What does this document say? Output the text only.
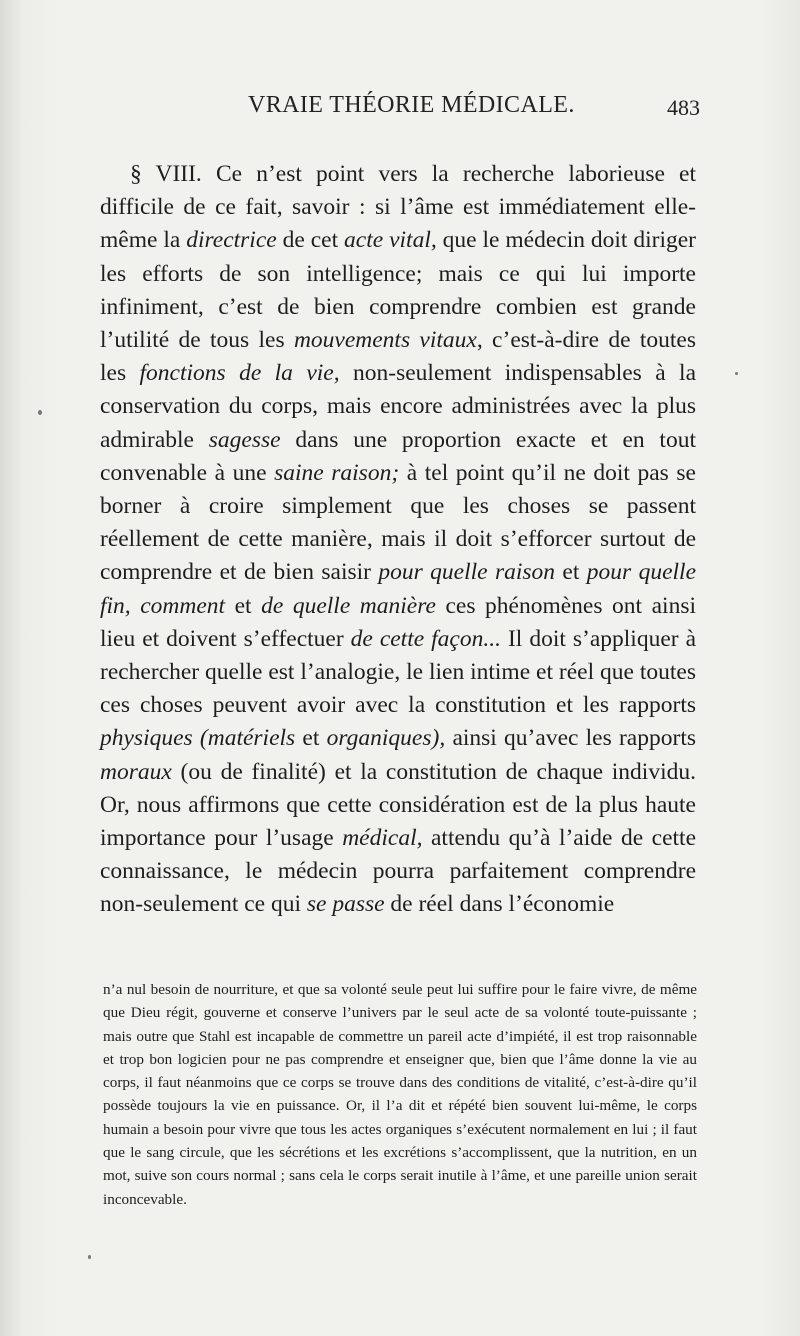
VRAIE THÉORIE MÉDICALE.	483

§ VIII. Ce n’est point vers la recherche laborieuse et difficile de ce fait, savoir : si l’âme est immédiatement elle-même la directrice de cet acte vital, que le médecin doit diriger les efforts de son intelligence; mais ce qui lui importe infiniment, c’est de bien comprendre combien est grande l’utilité de tous les mouvements vitaux, c’est-à-dire de toutes les fonctions de la vie, non-seulement indispensables à la conservation du corps, mais encore administrées avec la plus admirable sagesse dans une proportion exacte et en tout convenable à une saine raison; à tel point qu’il ne doit pas se borner à croire simplement que les choses se passent réellement de cette manière, mais il doit s’efforcer surtout de comprendre et de bien saisir pour quelle raison et pour quelle fin, comment et de quelle manière ces phénomènes ont ainsi lieu et doivent s’effectuer de cette façon... Il doit s’appliquer à rechercher quelle est l’analogie, le lien intime et réel que toutes ces choses peuvent avoir avec la constitution et les rapports physiques (matériels et organiques), ainsi qu’avec les rapports moraux (ou de finalité) et la constitution de chaque individu. Or, nous affirmons que cette considération est de la plus haute importance pour l’usage médical, attendu qu’à l’aide de cette connaissance, le médecin pourra parfaitement comprendre non-seulement ce qui se passe de réel dans l’économie

n’a nul besoin de nourriture, et que sa volonté seule peut lui suffire pour le faire vivre, de même que Dieu régit, gouverne et conserve l’univers par le seul acte de sa volonté toute-puissante ; mais outre que Stahl est incapable de commettre un pareil acte d’impiété, il est trop raisonnable et trop bon logicien pour ne pas comprendre et enseigner que, bien que l’âme donne la vie au corps, il faut néanmoins que ce corps se trouve dans des conditions de vitalité, c’est-à-dire qu’il possède toujours la vie en puissance. Or, il l’a dit et répété bien souvent lui-même, le corps humain a besoin pour vivre que tous les actes organiques s’exécutent normalement en lui ; il faut que le sang circule, que les sécrétions et les excrétions s’accomplissent, que la nutrition, en un mot, suive son cours normal ; sans cela le corps serait inutile à l’âme, et une pareille union serait inconcevable.
